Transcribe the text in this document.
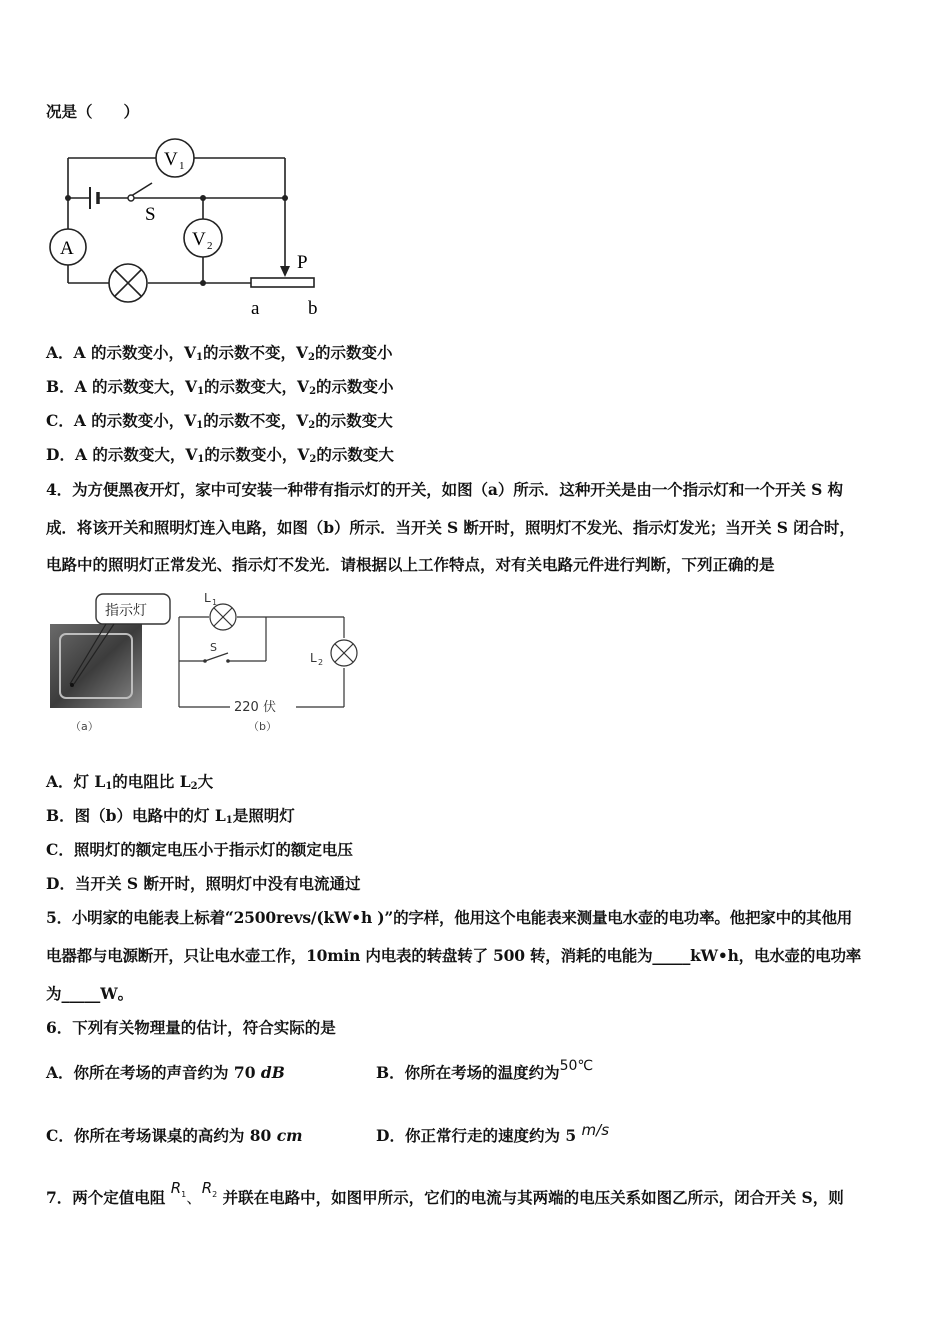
况是（　　）
V 1
V 2
A
S
P
a	b
A．A 的示数变小，$V_1$的示数不变，$V_2$的示数变小
B．A 的示数变大，$V_1$的示数变大，$V_2$的示数变小
C．A 的示数变小，$V_1$的示数不变，$V_2$的示数变大
D．A 的示数变大，$V_1$的示数变小，$V_2$的示数变大
4．为方便黑夜开灯，家中可安装一种带有指示灯的开关，如图（a）所示．这种开关是由一个指示灯和一个开关 S 构
成．将该开关和照明灯连入电路，如图（b）所示．当开关 S 断开时，照明灯不发光、指示灯发光；当开关 S 闭合时，
电路中的照明灯正常发光、指示灯不发光．请根据以上工作特点，对有关电路元件进行判断，下列正确的是
指示灯
（a）
L 1
S
L 2
220 伏
（b）
A．灯 $L_1$的电阻比 $L_2$大
B．图（b）电路中的灯 $L_1$是照明灯
C．照明灯的额定电压小于指示灯的额定电压
D．当开关 S 断开时，照明灯中没有电流通过
5．小明家的电能表上标着“2500revs/(kW•h )”的字样，他用这个电能表来测量电水壶的电功率。他把家中的其他用
电器都与电源断开，只让电水壶工作，10min 内电表的转盘转了 500 转，消耗的电能为_____kW•h，电水壶的电功率
为_____W。
6．下列有关物理量的估计，符合实际的是
A．你所在考场的声音约为 70 dB	B．你所在考场的温度约为50℃
C．你所在考场课桌的高约为 80 cm	D．你正常行走的速度约为 5 m/s
7．两个定值电阻 $R_1$、$R_2$ 并联在电路中，如图甲所示，它们的电流与其两端的电压关系如图乙所示，闭合开关 S，则
